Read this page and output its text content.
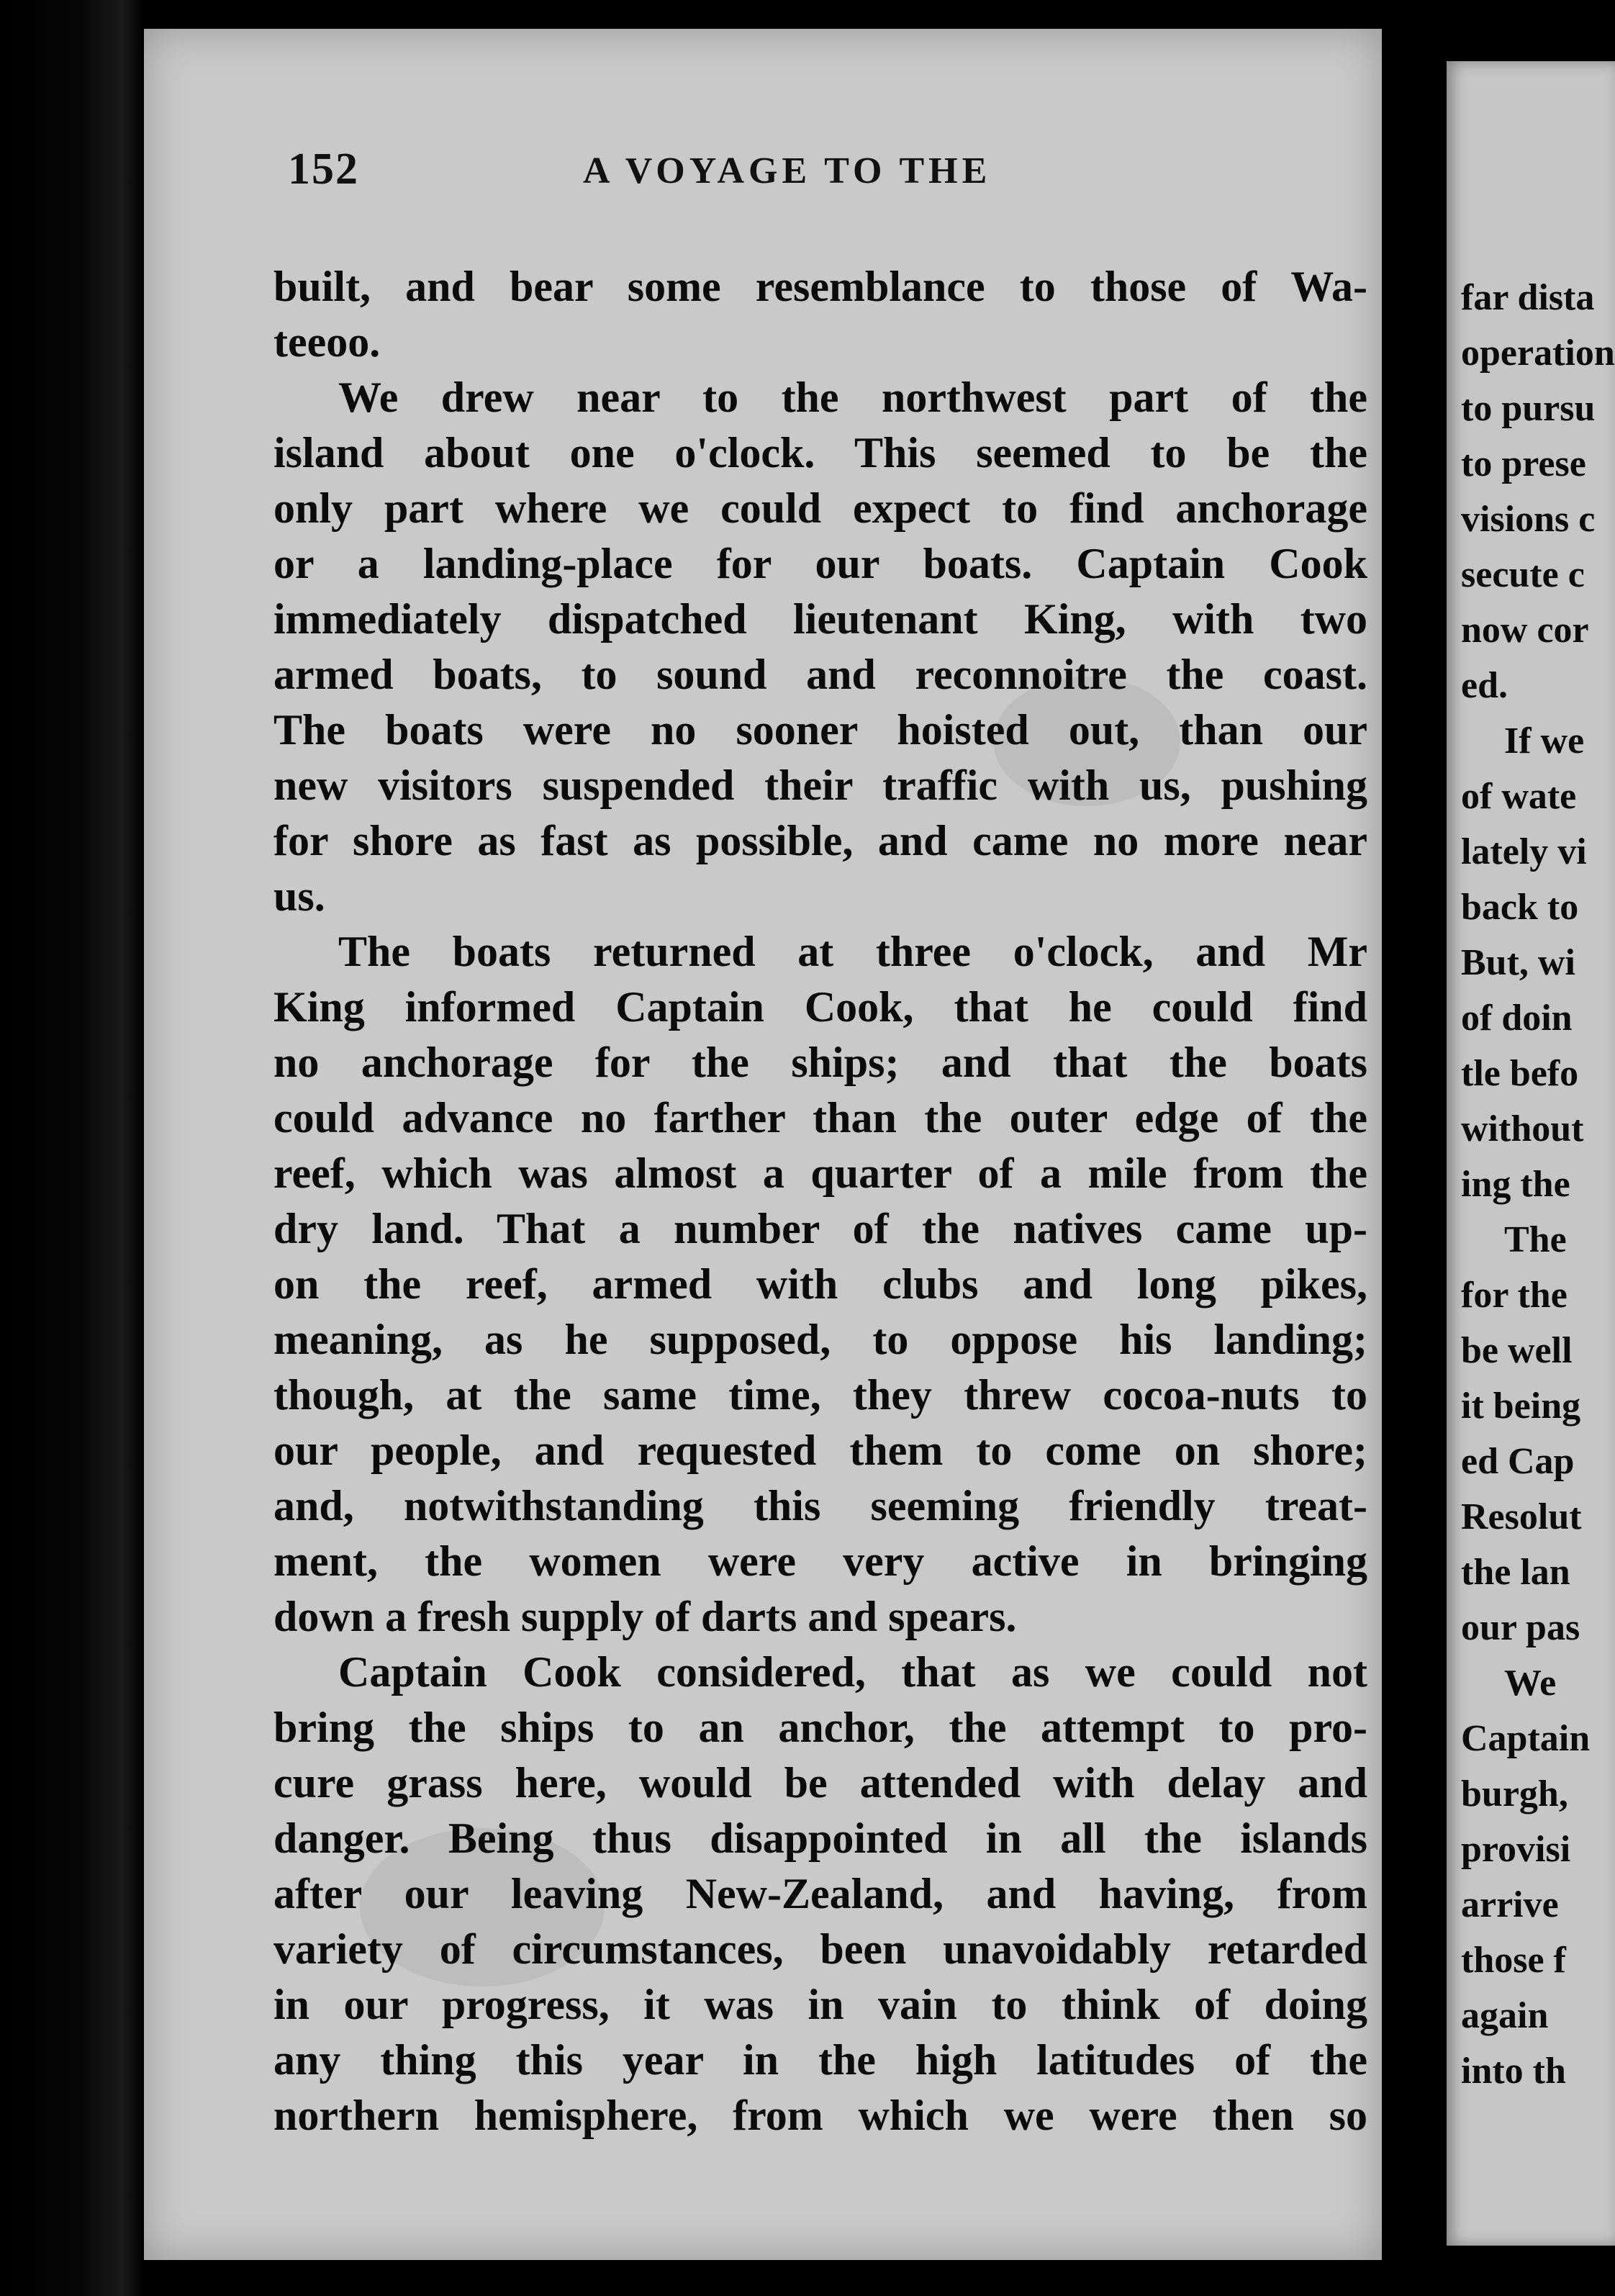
152	A VOYAGE TO THE
built, and bear some resemblance to those of Wa-
teeoo.
We drew near to the northwest part of the
island about one o'clock. This seemed to be the
only part where we could expect to find anchorage
or a landing-place for our boats. Captain Cook
immediately dispatched lieutenant King, with two
armed boats, to sound and reconnoitre the coast.
The boats were no sooner hoisted out, than our
new visitors suspended their traffic with us, pushing
for shore as fast as possible, and came no more near
us.
The boats returned at three o'clock, and Mr
King informed Captain Cook, that he could find
no anchorage for the ships; and that the boats
could advance no farther than the outer edge of the
reef, which was almost a quarter of a mile from the
dry land. That a number of the natives came up-
on the reef, armed with clubs and long pikes,
meaning, as he supposed, to oppose his landing;
though, at the same time, they threw cocoa-nuts to
our people, and requested them to come on shore;
and, notwithstanding this seeming friendly treat-
ment, the women were very active in bringing
down a fresh supply of darts and spears.
Captain Cook considered, that as we could not
bring the ships to an anchor, the attempt to pro-
cure grass here, would be attended with delay and
danger. Being thus disappointed in all the islands
after our leaving New-Zealand, and having, from
variety of circumstances, been unavoidably retarded
in our progress, it was in vain to think of doing
any thing this year in the high latitudes of the
northern hemisphere, from which we were then so
far dista
operation
to pursu
to prese
visions c
secute c
now cor
ed.
If we
of wate
lately vi
back to
But, wi
of doin
tle befo
without
ing the
The
for the
be well
it being
ed Cap
Resolut
the lan
our pas
We
Captain
burgh,
provisi
arrive
those f
again
into th
